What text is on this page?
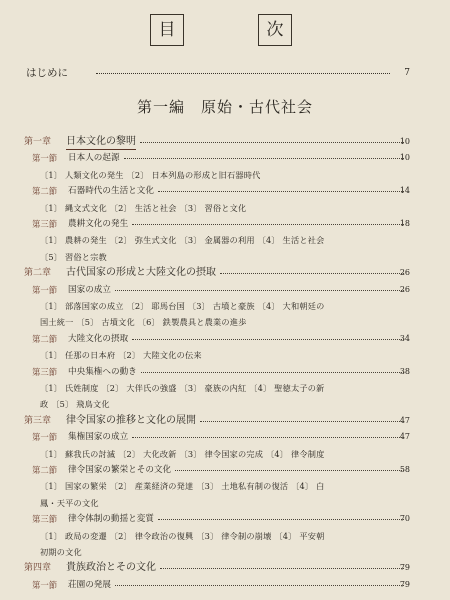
目	次
はじめに	7
第一編　原始・古代社会
第一章 日本文化の黎明	10
第一節 日本人の起源	10
〔1〕 人類文化の発生 〔2〕 日本列島の形成と旧石器時代
第二節 石器時代の生活と文化	14
〔1〕 縄文式文化 〔2〕 生活と社会 〔3〕 習俗と文化
第三節 農耕文化の発生	18
〔1〕 農耕の発生 〔2〕 弥生式文化 〔3〕 金属器の利用 〔4〕 生活と社会
〔5〕 習俗と宗教
第二章 古代国家の形成と大陸文化の摂取	26
第一節 国家の成立	26
〔1〕 部落国家の成立 〔2〕 耶馬台国 〔3〕 古墳と豪族 〔4〕 大和朝廷の
国土統一 〔5〕 古墳文化 〔6〕 鉄製農具と農業の進歩
第二節 大陸文化の摂取	34
〔1〕 任那の日本府 〔2〕 大陸文化の伝来
第三節 中央集権への動き	38
〔1〕 氏姓制度 〔2〕 大伴氏の強盛 〔3〕 豪族の内紅 〔4〕 聖徳太子の新
政 〔5〕 飛鳥文化
第三章 律令国家の推移と文化の展開	47
第一節 集権国家の成立	47
〔1〕 蘇我氏の討滅 〔2〕 大化改新 〔3〕 律令国家の完成 〔4〕 律令制度
第二節 律令国家の繁栄とその文化	58
〔1〕 国家の繁栄 〔2〕 産業経済の発達 〔3〕 土地私有制の復活 〔4〕 白
鳳・天平の文化
第三節 律令体制の動揺と変質	70
〔1〕 政局の変遷 〔2〕 律令政治の復興 〔3〕 律令制の崩壊 〔4〕 平安朝
初期の文化
第四章 貴族政治とその文化	79
第一節 荘園の発展	79
